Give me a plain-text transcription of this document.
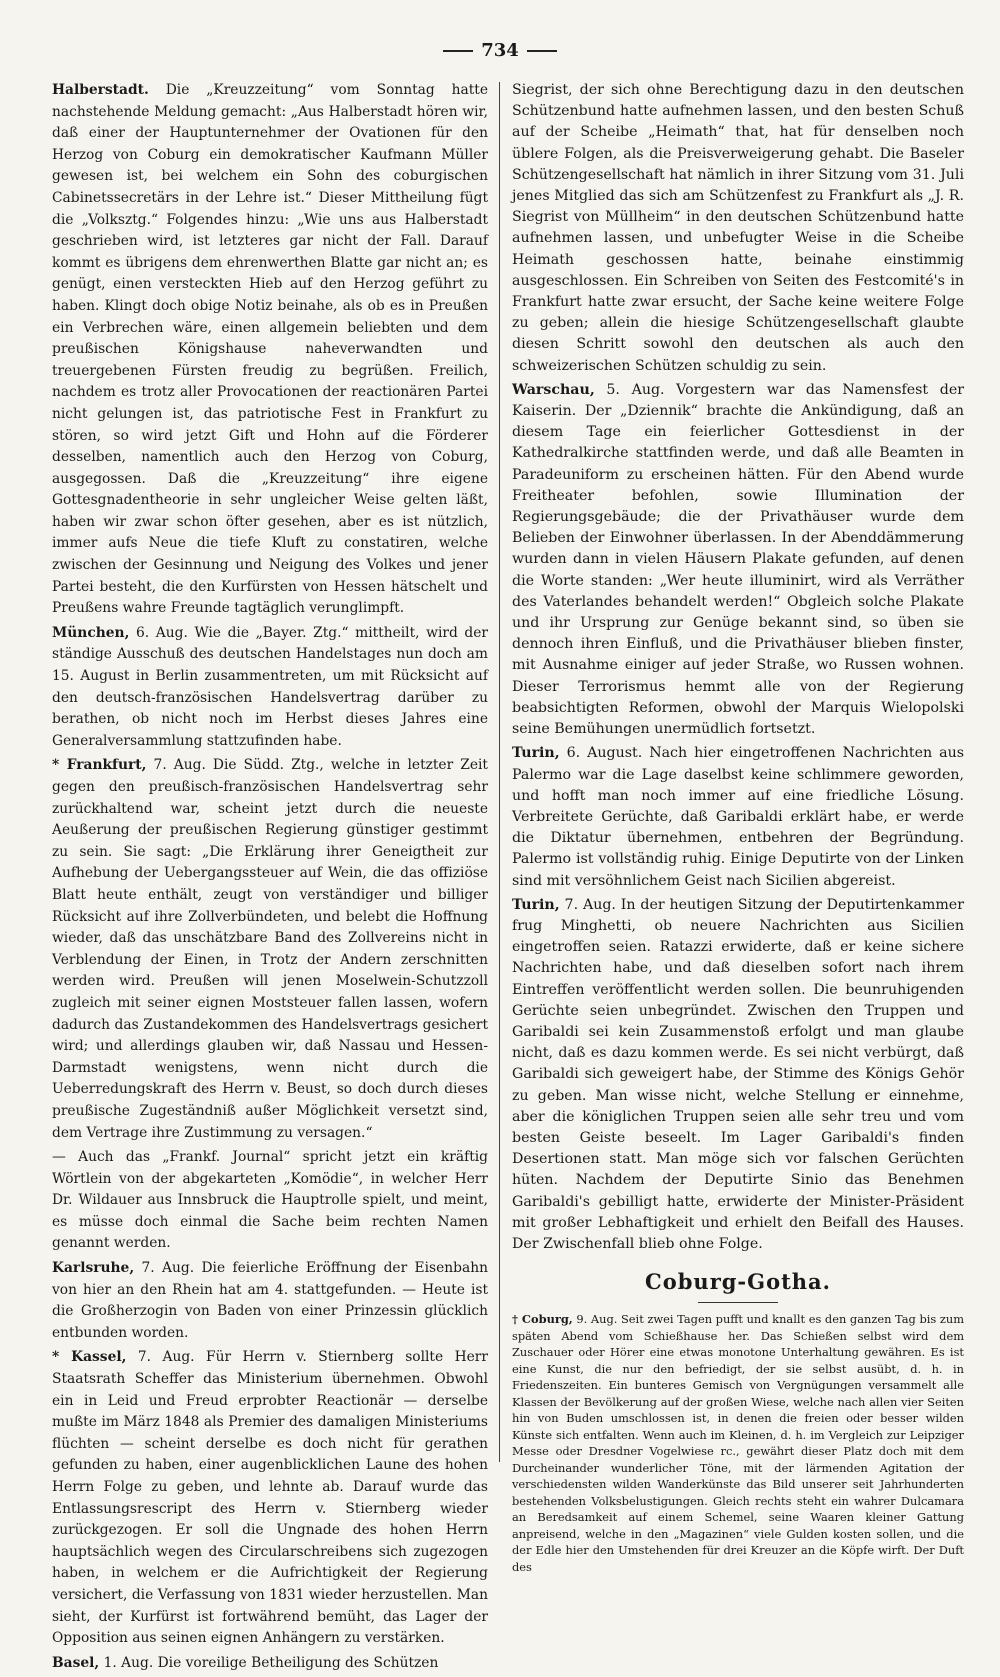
734

Halberstadt. Die „Kreuzzeitung“ vom Sonntag hatte nachstehende Meldung gemacht: „Aus Halberstadt hören wir, daß einer der Hauptunternehmer der Ovationen für den Herzog von Coburg ein demokratischer Kaufmann Müller gewesen ist, bei welchem ein Sohn des coburgischen Cabinetssecretärs in der Lehre ist.“ Dieser Mittheilung fügt die „Volksztg.“ Folgendes hinzu: „Wie uns aus Halberstadt geschrieben wird, ist letzteres gar nicht der Fall. Darauf kommt es übrigens dem ehrenwerthen Blatte gar nicht an; es genügt, einen versteckten Hieb auf den Herzog geführt zu haben. Klingt doch obige Notiz beinahe, als ob es in Preußen ein Verbrechen wäre, einen allgemein beliebten und dem preußischen Königshause naheverwandten und treuergebenen Fürsten freudig zu begrüßen. Freilich, nachdem es trotz aller Provocationen der reactionären Partei nicht gelungen ist, das patriotische Fest in Frankfurt zu stören, so wird jetzt Gift und Hohn auf die Förderer desselben, namentlich auch den Herzog von Coburg, ausgegossen. Daß die „Kreuzzeitung“ ihre eigene Gottesgnadentheorie in sehr ungleicher Weise gelten läßt, haben wir zwar schon öfter gesehen, aber es ist nützlich, immer aufs Neue die tiefe Kluft zu constatiren, welche zwischen der Gesinnung und Neigung des Volkes und jener Partei besteht, die den Kurfürsten von Hessen hätschelt und Preußens wahre Freunde tagtäglich verunglimpft.

München, 6. Aug. Wie die „Bayer. Ztg.“ mittheilt, wird der ständige Ausschuß des deutschen Handelstages nun doch am 15. August in Berlin zusammentreten, um mit Rücksicht auf den deutsch-französischen Handelsvertrag darüber zu berathen, ob nicht noch im Herbst dieses Jahres eine Generalversammlung stattzufinden habe.

* Frankfurt, 7. Aug. Die Südd. Ztg., welche in letzter Zeit gegen den preußisch-französischen Handelsvertrag sehr zurückhaltend war, scheint jetzt durch die neueste Aeußerung der preußischen Regierung günstiger gestimmt zu sein. Sie sagt: „Die Erklärung ihrer Geneigtheit zur Aufhebung der Uebergangssteuer auf Wein, die das offiziöse Blatt heute enthält, zeugt von verständiger und billiger Rücksicht auf ihre Zollverbündeten, und belebt die Hoffnung wieder, daß das unschätzbare Band des Zollvereins nicht in Verblendung der Einen, in Trotz der Andern zerschnitten werden wird. Preußen will jenen Moselwein-Schutzzoll zugleich mit seiner eignen Moststeuer fallen lassen, wofern dadurch das Zustandekommen des Handelsvertrags gesichert wird; und allerdings glauben wir, daß Nassau und Hessen-Darmstadt wenigstens, wenn nicht durch die Ueberredungskraft des Herrn v. Beust, so doch durch dieses preußische Zugeständniß außer Möglichkeit versetzt sind, dem Vertrage ihre Zustimmung zu versagen.“

— Auch das „Frankf. Journal“ spricht jetzt ein kräftig Wörtlein von der abgekarteten „Komödie“, in welcher Herr Dr. Wildauer aus Innsbruck die Hauptrolle spielt, und meint, es müsse doch einmal die Sache beim rechten Namen genannt werden.

Karlsruhe, 7. Aug. Die feierliche Eröffnung der Eisenbahn von hier an den Rhein hat am 4. stattgefunden. — Heute ist die Großherzogin von Baden von einer Prinzessin glücklich entbunden worden.

* Kassel, 7. Aug. Für Herrn v. Stiernberg sollte Herr Staatsrath Scheffer das Ministerium übernehmen. Obwohl ein in Leid und Freud erprobter Reactionär — derselbe mußte im März 1848 als Premier des damaligen Ministeriums flüchten — scheint derselbe es doch nicht für gerathen gefunden zu haben, einer augenblicklichen Laune des hohen Herrn Folge zu geben, und lehnte ab. Darauf wurde das Entlassungsrescript des Herrn v. Stiernberg wieder zurückgezogen. Er soll die Ungnade des hohen Herrn hauptsächlich wegen des Circularschreibens sich zugezogen haben, in welchem er die Aufrichtigkeit der Regierung versichert, die Verfassung von 1831 wieder herzustellen. Man sieht, der Kurfürst ist fortwährend bemüht, das Lager der Opposition aus seinen eignen Anhängern zu verstärken.

Basel, 1. Aug. Die voreilige Betheiligung des Schützen

Siegrist, der sich ohne Berechtigung dazu in den deutschen Schützenbund hatte aufnehmen lassen, und den besten Schuß auf der Scheibe „Heimath“ that, hat für denselben noch üblere Folgen, als die Preisverweigerung gehabt. Die Baseler Schützengesellschaft hat nämlich in ihrer Sitzung vom 31. Juli jenes Mitglied das sich am Schützenfest zu Frankfurt als „J. R. Siegrist von Müllheim“ in den deutschen Schützenbund hatte aufnehmen lassen, und unbefugter Weise in die Scheibe Heimath geschossen hatte, beinahe einstimmig ausgeschlossen. Ein Schreiben von Seiten des Festcomité's in Frankfurt hatte zwar ersucht, der Sache keine weitere Folge zu geben; allein die hiesige Schützengesellschaft glaubte diesen Schritt sowohl den deutschen als auch den schweizerischen Schützen schuldig zu sein.

Warschau, 5. Aug. Vorgestern war das Namensfest der Kaiserin. Der „Dziennik“ brachte die Ankündigung, daß an diesem Tage ein feierlicher Gottesdienst in der Kathedralkirche stattfinden werde, und daß alle Beamten in Paradeuniform zu erscheinen hätten. Für den Abend wurde Freitheater befohlen, sowie Illumination der Regierungsgebäude; die der Privathäuser wurde dem Belieben der Einwohner überlassen. In der Abenddämmerung wurden dann in vielen Häusern Plakate gefunden, auf denen die Worte standen: „Wer heute illuminirt, wird als Verräther des Vaterlandes behandelt werden!“ Obgleich solche Plakate und ihr Ursprung zur Genüge bekannt sind, so üben sie dennoch ihren Einfluß, und die Privathäuser blieben finster, mit Ausnahme einiger auf jeder Straße, wo Russen wohnen. Dieser Terrorismus hemmt alle von der Regierung beabsichtigten Reformen, obwohl der Marquis Wielopolski seine Bemühungen unermüdlich fortsetzt.

Turin, 6. August. Nach hier eingetroffenen Nachrichten aus Palermo war die Lage daselbst keine schlimmere geworden, und hofft man noch immer auf eine friedliche Lösung. Verbreitete Gerüchte, daß Garibaldi erklärt habe, er werde die Diktatur übernehmen, entbehren der Begründung. Palermo ist vollständig ruhig. Einige Deputirte von der Linken sind mit versöhnlichem Geist nach Sicilien abgereist.

Turin, 7. Aug. In der heutigen Sitzung der Deputirtenkammer frug Minghetti, ob neuere Nachrichten aus Sicilien eingetroffen seien. Ratazzi erwiderte, daß er keine sichere Nachrichten habe, und daß dieselben sofort nach ihrem Eintreffen veröffentlicht werden sollen. Die beunruhigenden Gerüchte seien unbegründet. Zwischen den Truppen und Garibaldi sei kein Zusammenstoß erfolgt und man glaube nicht, daß es dazu kommen werde. Es sei nicht verbürgt, daß Garibaldi sich geweigert habe, der Stimme des Königs Gehör zu geben. Man wisse nicht, welche Stellung er einnehme, aber die königlichen Truppen seien alle sehr treu und vom besten Geiste beseelt. Im Lager Garibaldi's finden Desertionen statt. Man möge sich vor falschen Gerüchten hüten. Nachdem der Deputirte Sinio das Benehmen Garibaldi's gebilligt hatte, erwiderte der Minister-Präsident mit großer Lebhaftigkeit und erhielt den Beifall des Hauses. Der Zwischenfall blieb ohne Folge.

Coburg-Gotha.

† Coburg, 9. Aug. Seit zwei Tagen pufft und knallt es den ganzen Tag bis zum späten Abend vom Schießhause her. Das Schießen selbst wird dem Zuschauer oder Hörer eine etwas monotone Unterhaltung gewähren. Es ist eine Kunst, die nur den befriedigt, der sie selbst ausübt, d. h. in Friedenszeiten. Ein bunteres Gemisch von Vergnügungen versammelt alle Klassen der Bevölkerung auf der großen Wiese, welche nach allen vier Seiten hin von Buden umschlossen ist, in denen die freien oder besser wilden Künste sich entfalten. Wenn auch im Kleinen, d. h. im Vergleich zur Leipziger Messe oder Dresdner Vogelwiese rc., gewährt dieser Platz doch mit dem Durcheinander wunderlicher Töne, mit der lärmenden Agitation der verschiedensten wilden Wanderkünste das Bild unserer seit Jahrhunderten bestehenden Volksbelustigungen. Gleich rechts steht ein wahrer Dulcamara an Beredsamkeit auf einem Schemel, seine Waaren kleiner Gattung anpreisend, welche in den „Magazinen“ viele Gulden kosten sollen, und die der Edle hier den Umstehenden für drei Kreuzer an die Köpfe wirft. Der Duft des
